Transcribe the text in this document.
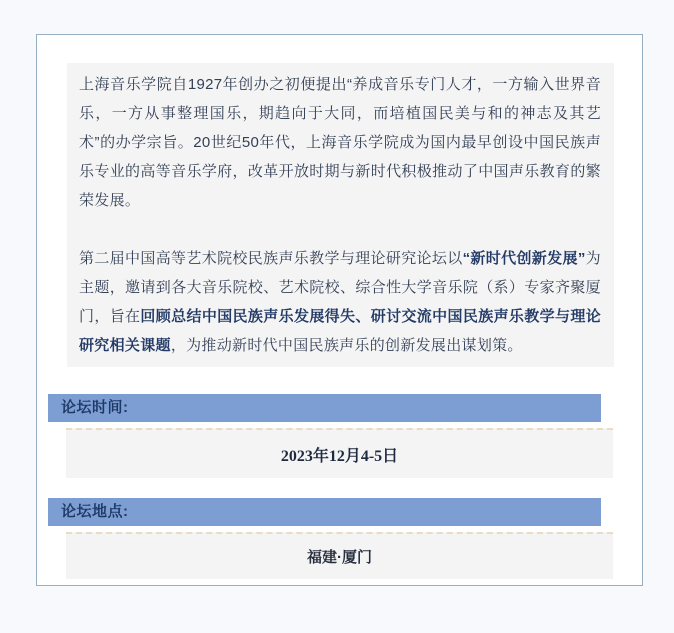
上海音乐学院自1927年创办之初便提出“养成音乐专门人才，一方输入世界音乐，一方从事整理国乐，期趋向于大同，而培植国民美与和的神志及其艺术”的办学宗旨。20世纪50年代，上海音乐学院成为国内最早创设中国民族声乐专业的高等音乐学府，改革开放时期与新时代积极推动了中国声乐教育的繁荣发展。

第二届中国高等艺术院校民族声乐教学与理论研究论坛以“新时代创新发展”为主题，邀请到各大音乐院校、艺术院校、综合性大学音乐院（系）专家齐聚厦门，旨在回顾总结中国民族声乐发展得失、研讨交流中国民族声乐教学与理论研究相关课题，为推动新时代中国民族声乐的创新发展出谋划策。

论坛时间:
2023年12月4-5日
论坛地点:
福建·厦门
